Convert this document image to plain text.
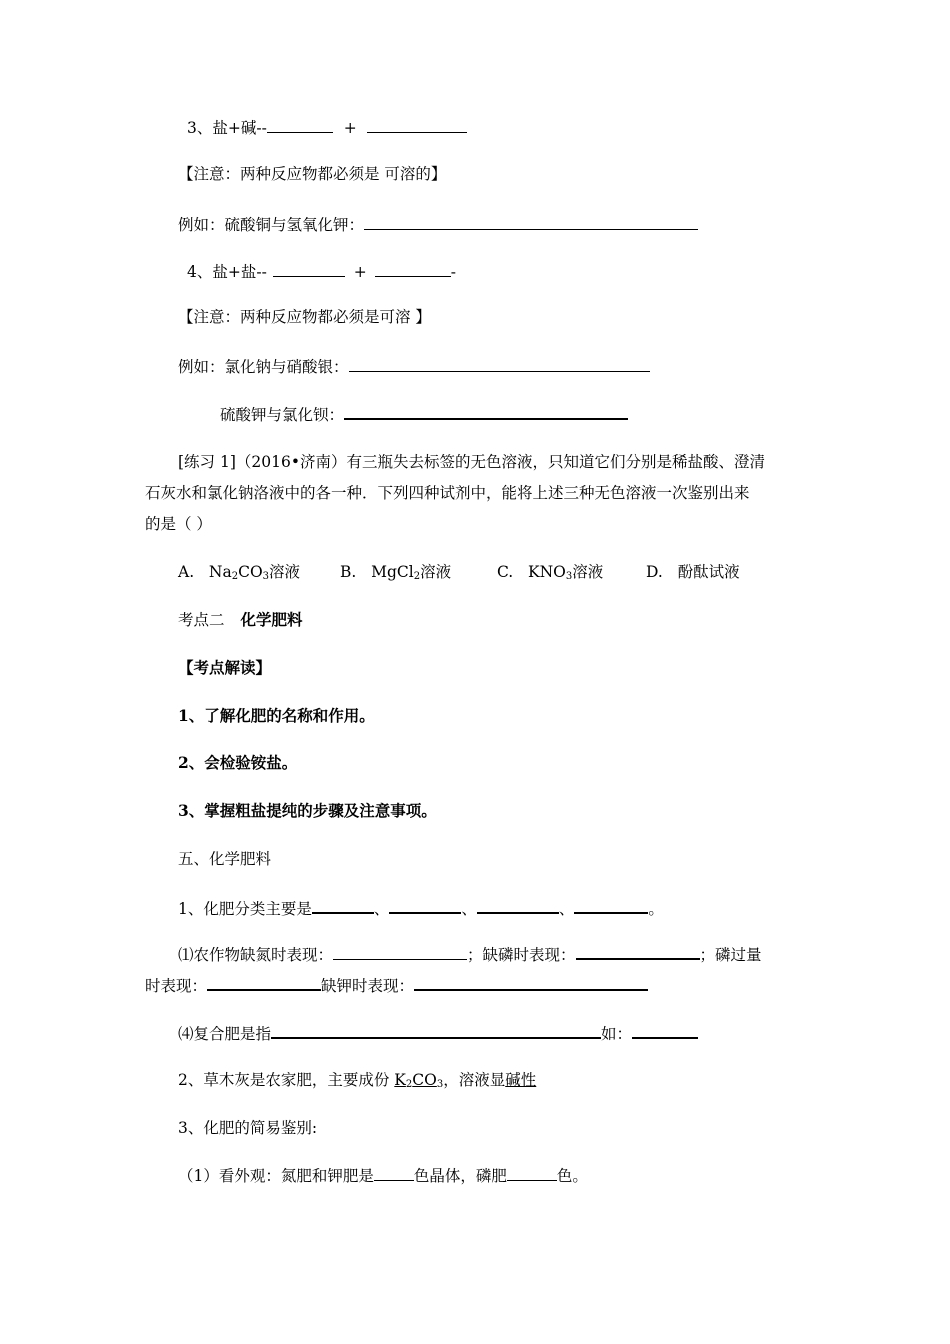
3、盐+碱--	+
【注意：两种反应物都必须是 可溶的】
例如：硫酸铜与氢氧化钾：
4、盐+盐--	+	-
【注意：两种反应物都必须是可溶 】
例如：氯化钠与硝酸银：
硫酸钾与氯化钡：
[练习 1]（2016•济南）有三瓶失去标签的无色溶液，只知道它们分别是稀盐酸、澄清
石灰水和氯化钠洛液中的各一种．下列四种试剂中，能将上述三种无色溶液一次鉴别出来
的是（ ）
A. $Na_2CO_3$溶液	B. MgCl$_2$溶液	C. $KNO_3$溶液	D. 酚酞试液
考点二 化学肥料
【考点解读】
1、了解化肥的名称和作用。
2、会检验铵盐。
3、掌握粗盐提纯的步骤及注意事项。
五、化学肥料
1、化肥分类主要是	、	、	、	。
⑴农作物缺氮时表现：	；缺磷时表现：	；磷过量
时表现：	缺钾时表现：
⑷复合肥是指	如：
2、草木灰是农家肥，主要成份 $K_2CO_3$，溶液显碱性
3、化肥的简易鉴别:
（1）看外观：氮肥和钾肥是	色晶体，磷肥	色。
